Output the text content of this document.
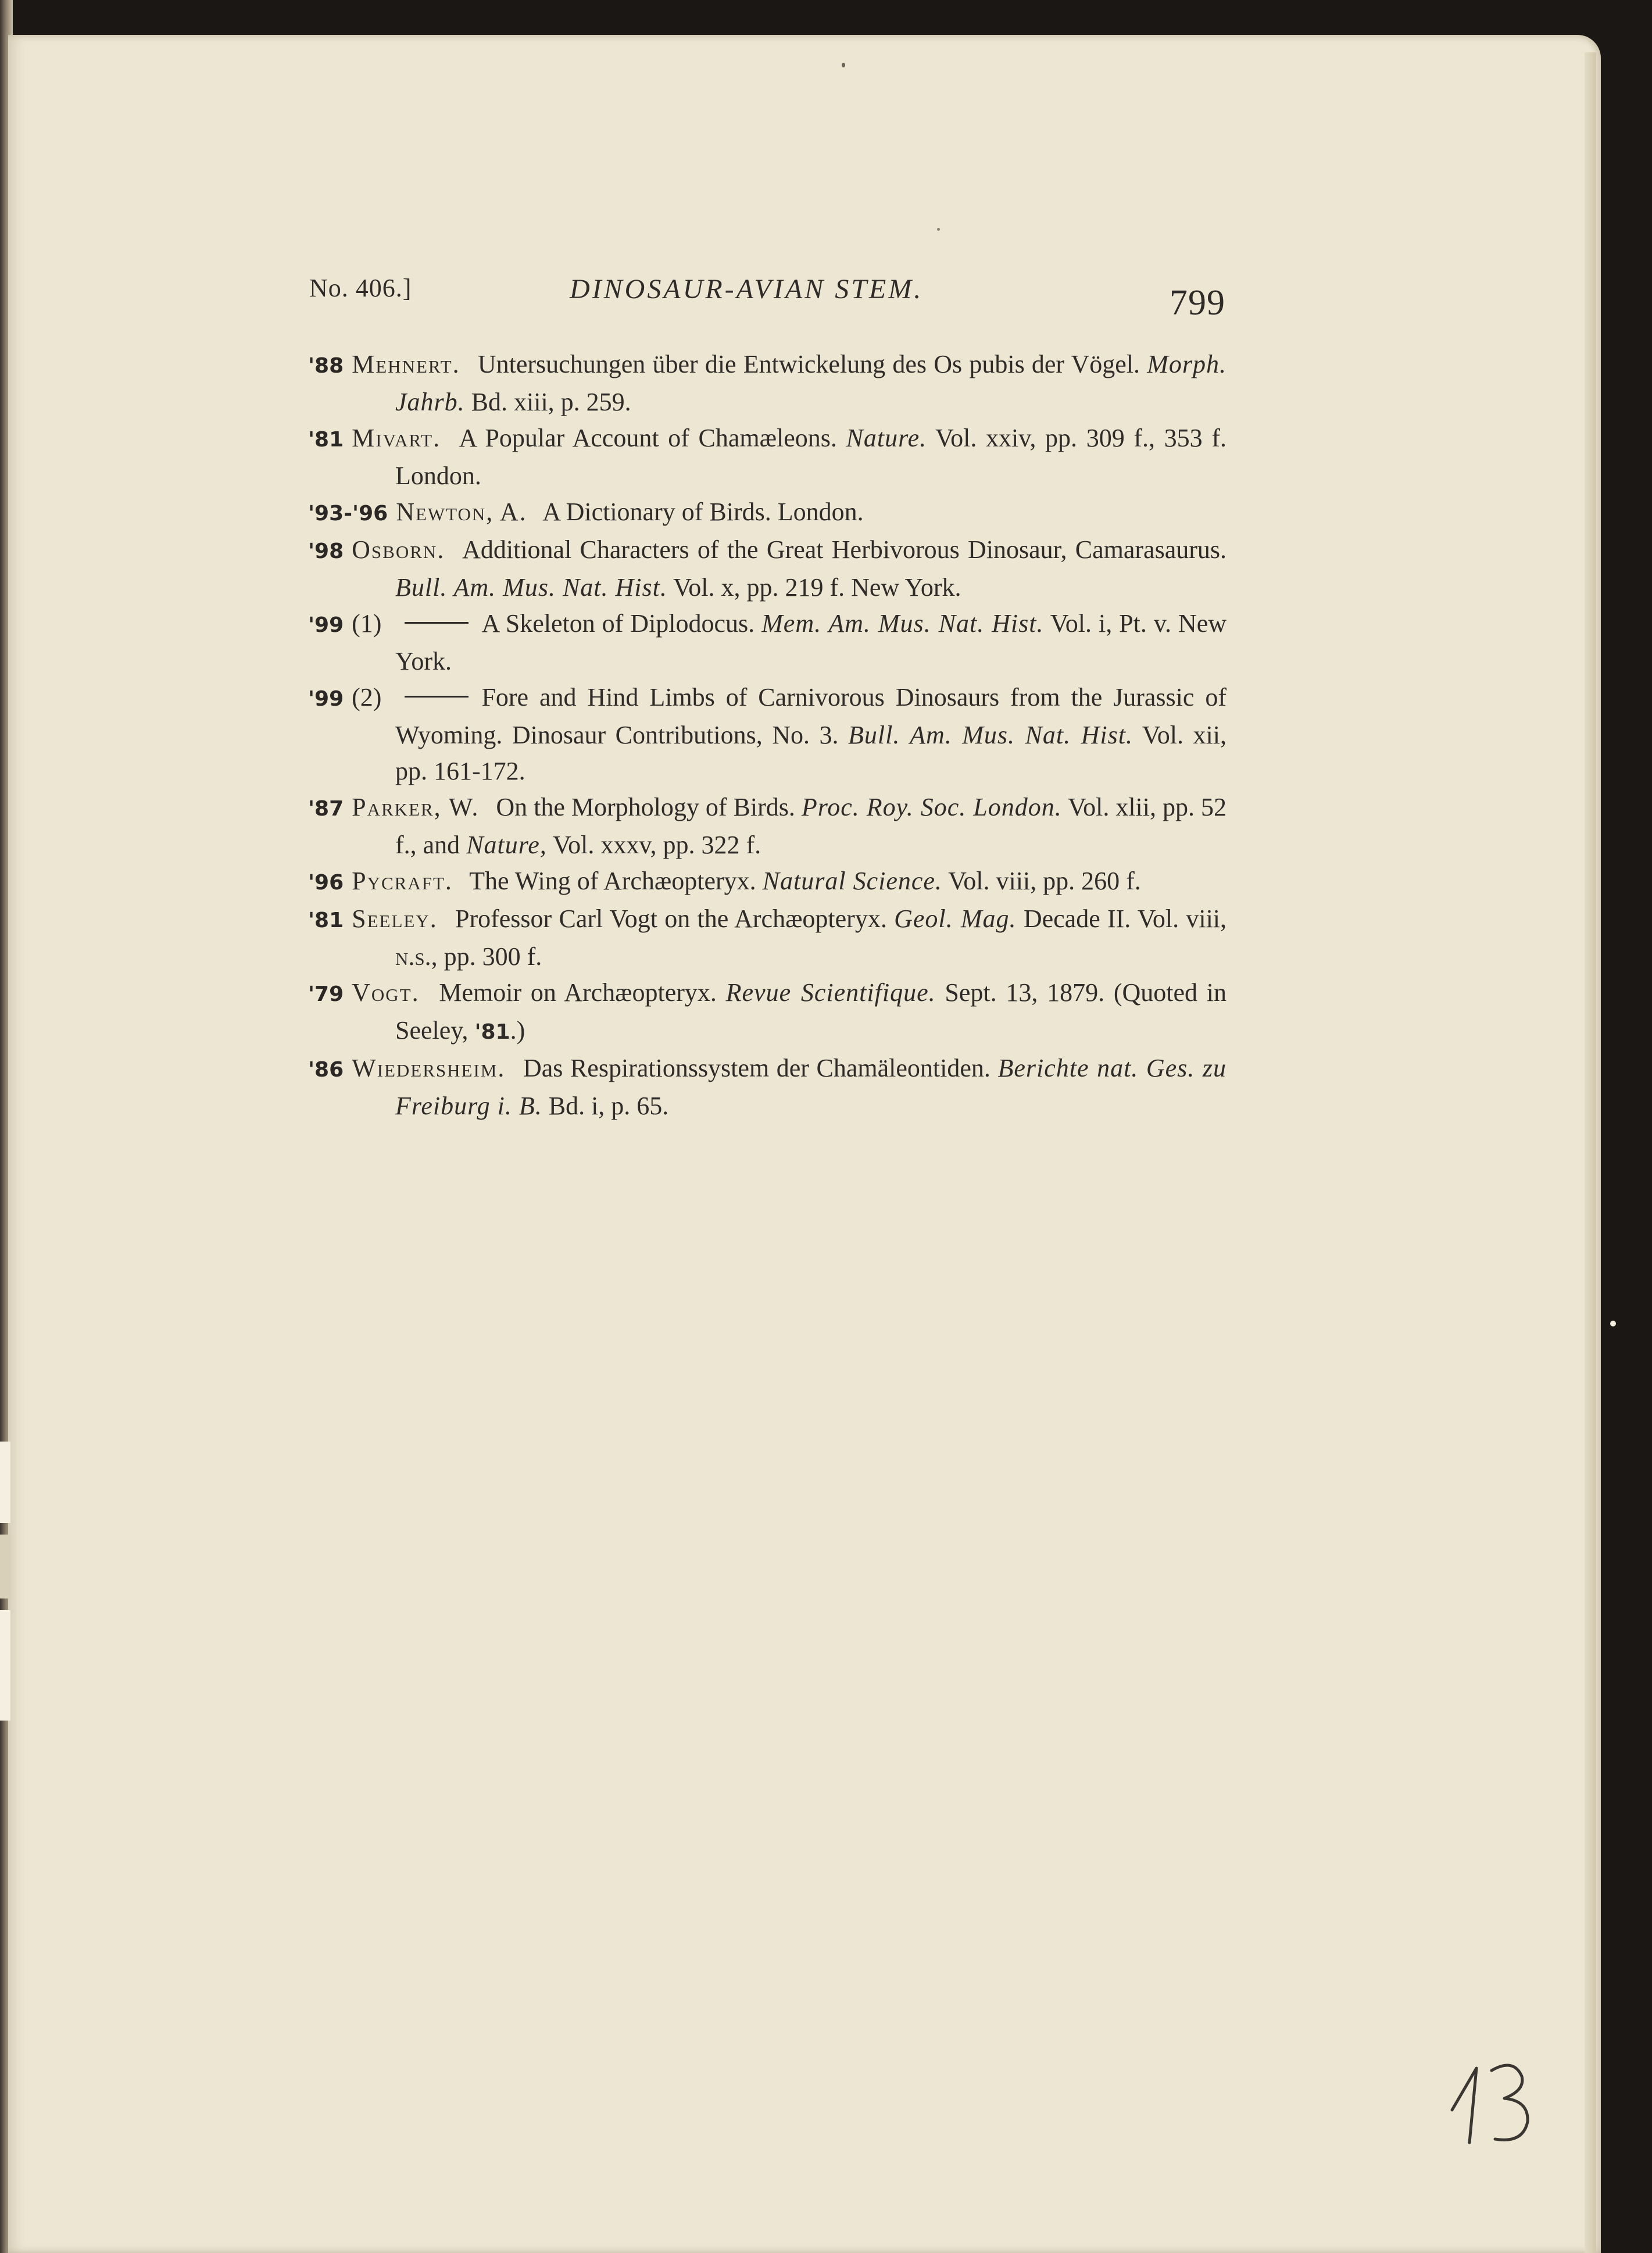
No. 406.]	DINOSAUR-AVIAN STEM.	799

'88 Mehnert. Untersuchungen über die Entwickelung des Os pubis der Vögel. Morph. Jahrb. Bd. xiii, p. 259.

'81 Mivart. A Popular Account of Chamæleons. Nature. Vol. xxiv, pp. 309 f., 353 f. London.

'93-'96 Newton, A. A Dictionary of Birds. London.

'98 Osborn. Additional Characters of the Great Herbivorous Dinosaur, Camarasaurus. Bull. Am. Mus. Nat. Hist. Vol. x, pp. 219 f. New York.

'99 (1)	A Skeleton of Diplodocus. Mem. Am. Mus. Nat. Hist. Vol. i, Pt. v. New York.

'99 (2)	Fore and Hind Limbs of Carnivorous Dinosaurs from the Jurassic of Wyoming. Dinosaur Contributions, No. 3. Bull. Am. Mus. Nat. Hist. Vol. xii, pp. 161-172.

'87 Parker, W. On the Morphology of Birds. Proc. Roy. Soc. London. Vol. xlii, pp. 52 f., and Nature, Vol. xxxv, pp. 322 f.

'96 Pycraft. The Wing of Archæopteryx. Natural Science. Vol. viii, pp. 260 f.

'81 Seeley. Professor Carl Vogt on the Archæopteryx. Geol. Mag. Decade II. Vol. viii, n.s., pp. 300 f.

'79 Vogt. Memoir on Archæopteryx. Revue Scientifique. Sept. 13, 1879. (Quoted in Seeley, '81.)

'86 Wiedersheim. Das Respirationssystem der Chamäleontiden. Berichte nat. Ges. zu Freiburg i. B. Bd. i, p. 65.
